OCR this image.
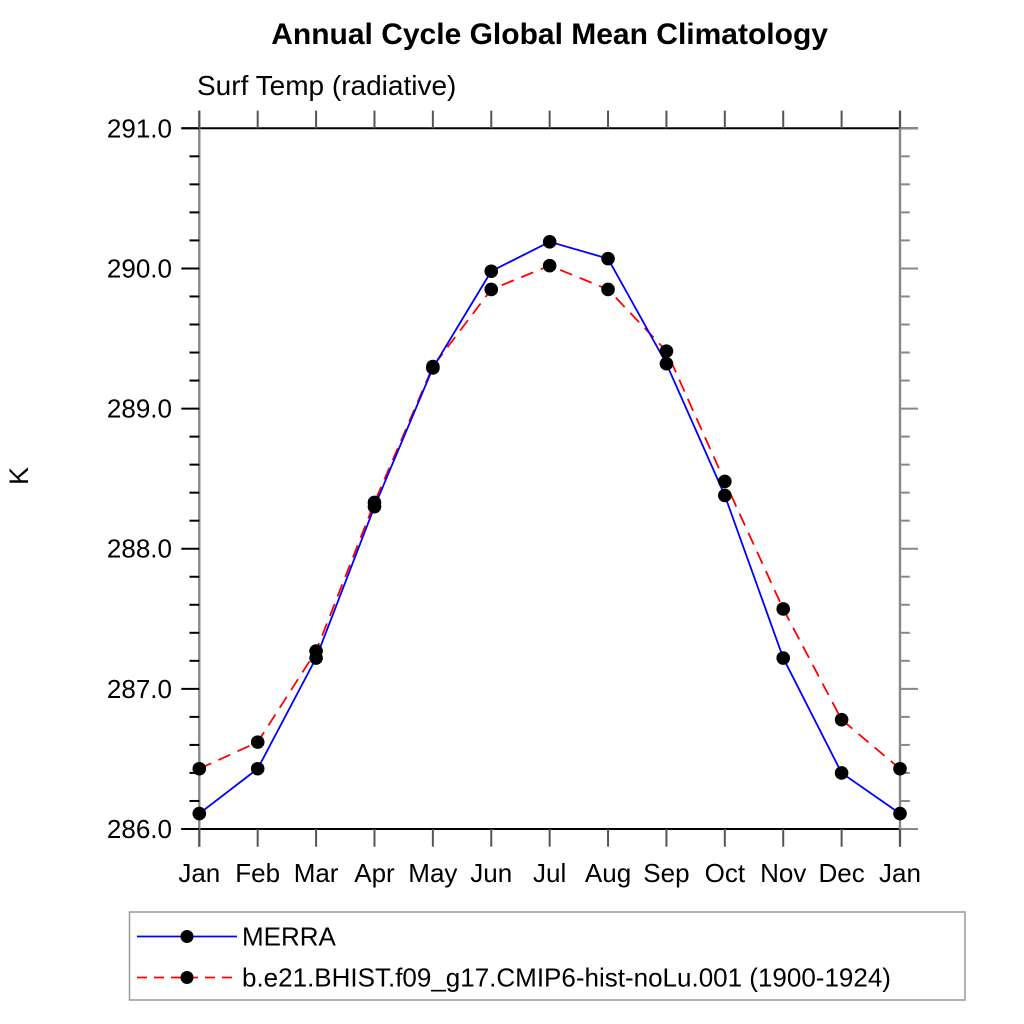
Annual Cycle Global Mean Climatology
Surf Temp (radiative)
K
286.0
287.0
288.0
289.0
290.0
291.0
Jan Feb Mar Apr May Jun Jul Aug Sep Oct Nov Dec Jan
MERRA
b.e21.BHIST.f09_g17.CMIP6-hist-noLu.001 (1900-1924)
